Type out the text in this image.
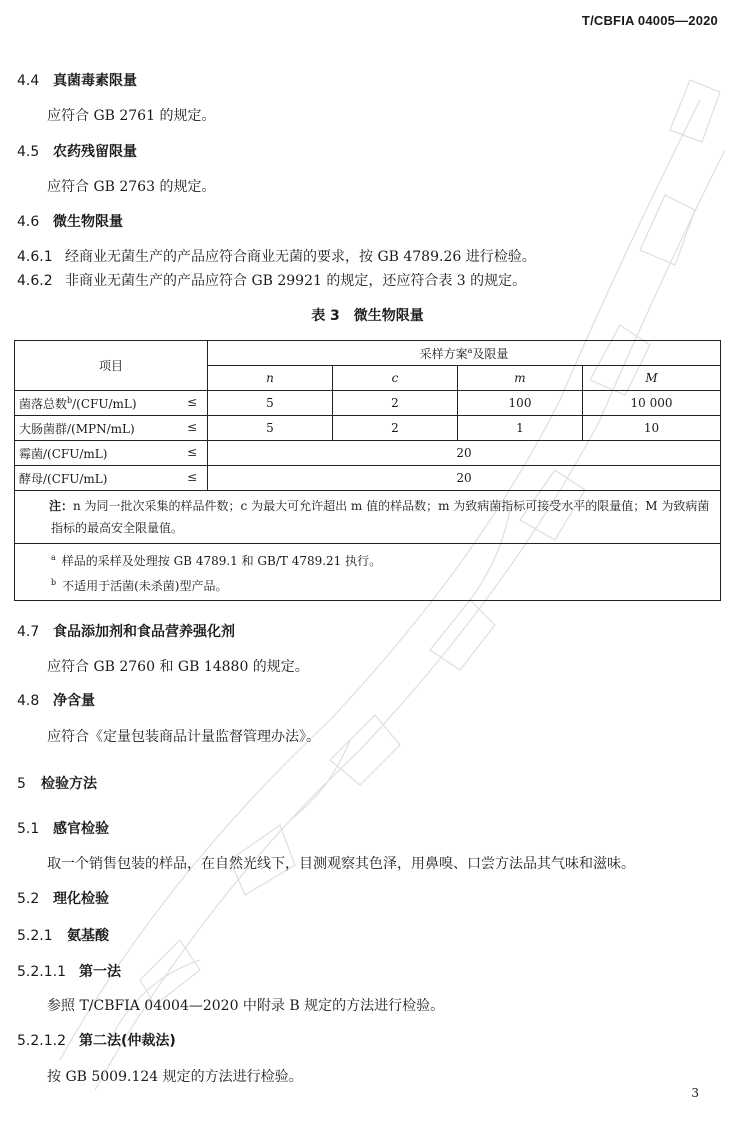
T/CBFIA 04005—2020
4.4 真菌毒素限量
应符合 GB 2761 的规定。
4.5 农药残留限量
应符合 GB 2763 的规定。
4.6 微生物限量
4.6.1 经商业无菌生产的产品应符合商业无菌的要求，按 GB 4789.26 进行检验。
4.6.2 非商业无菌生产的产品应符合 GB 29921 的规定，还应符合表 3 的规定。
表 3　微生物限量
项目	采样方案$^a$及限量			
	n	c	m	M

菌落总数$^b$/(CFU/mL) ≤	5	2	100	10 000

大肠菌群/(MPN/mL) ≤	5	2	1	10

霉菌/(CFU/mL) ≤	20			

酵母/(CFU/mL) ≤	20			
注：n 为同一批次采集的样品件数；c 为最大可允许超出 m 值的样品数；m 为致病菌指标可接受水平的限量值；M 为致病菌指标的最高安全限量值。				

$^a$ 样品的采样及处理按 GB 4789.1 和 GB/T 4789.21 执行。
$^b$ 不适用于活菌(未杀菌)型产品。				
4.7 食品添加剂和食品营养强化剂
应符合 GB 2760 和 GB 14880 的规定。
4.8 净含量
应符合《定量包装商品计量监督管理办法》。
5 检验方法
5.1 感官检验
取一个销售包装的样品，在自然光线下，目测观察其色泽，用鼻嗅、口尝方法品其气味和滋味。
5.2 理化检验
5.2.1 氨基酸
5.2.1.1 第一法
参照 T/CBFIA 04004—2020 中附录 B 规定的方法进行检验。
5.2.1.2 第二法(仲裁法)
按 GB 5009.124 规定的方法进行检验。
3
